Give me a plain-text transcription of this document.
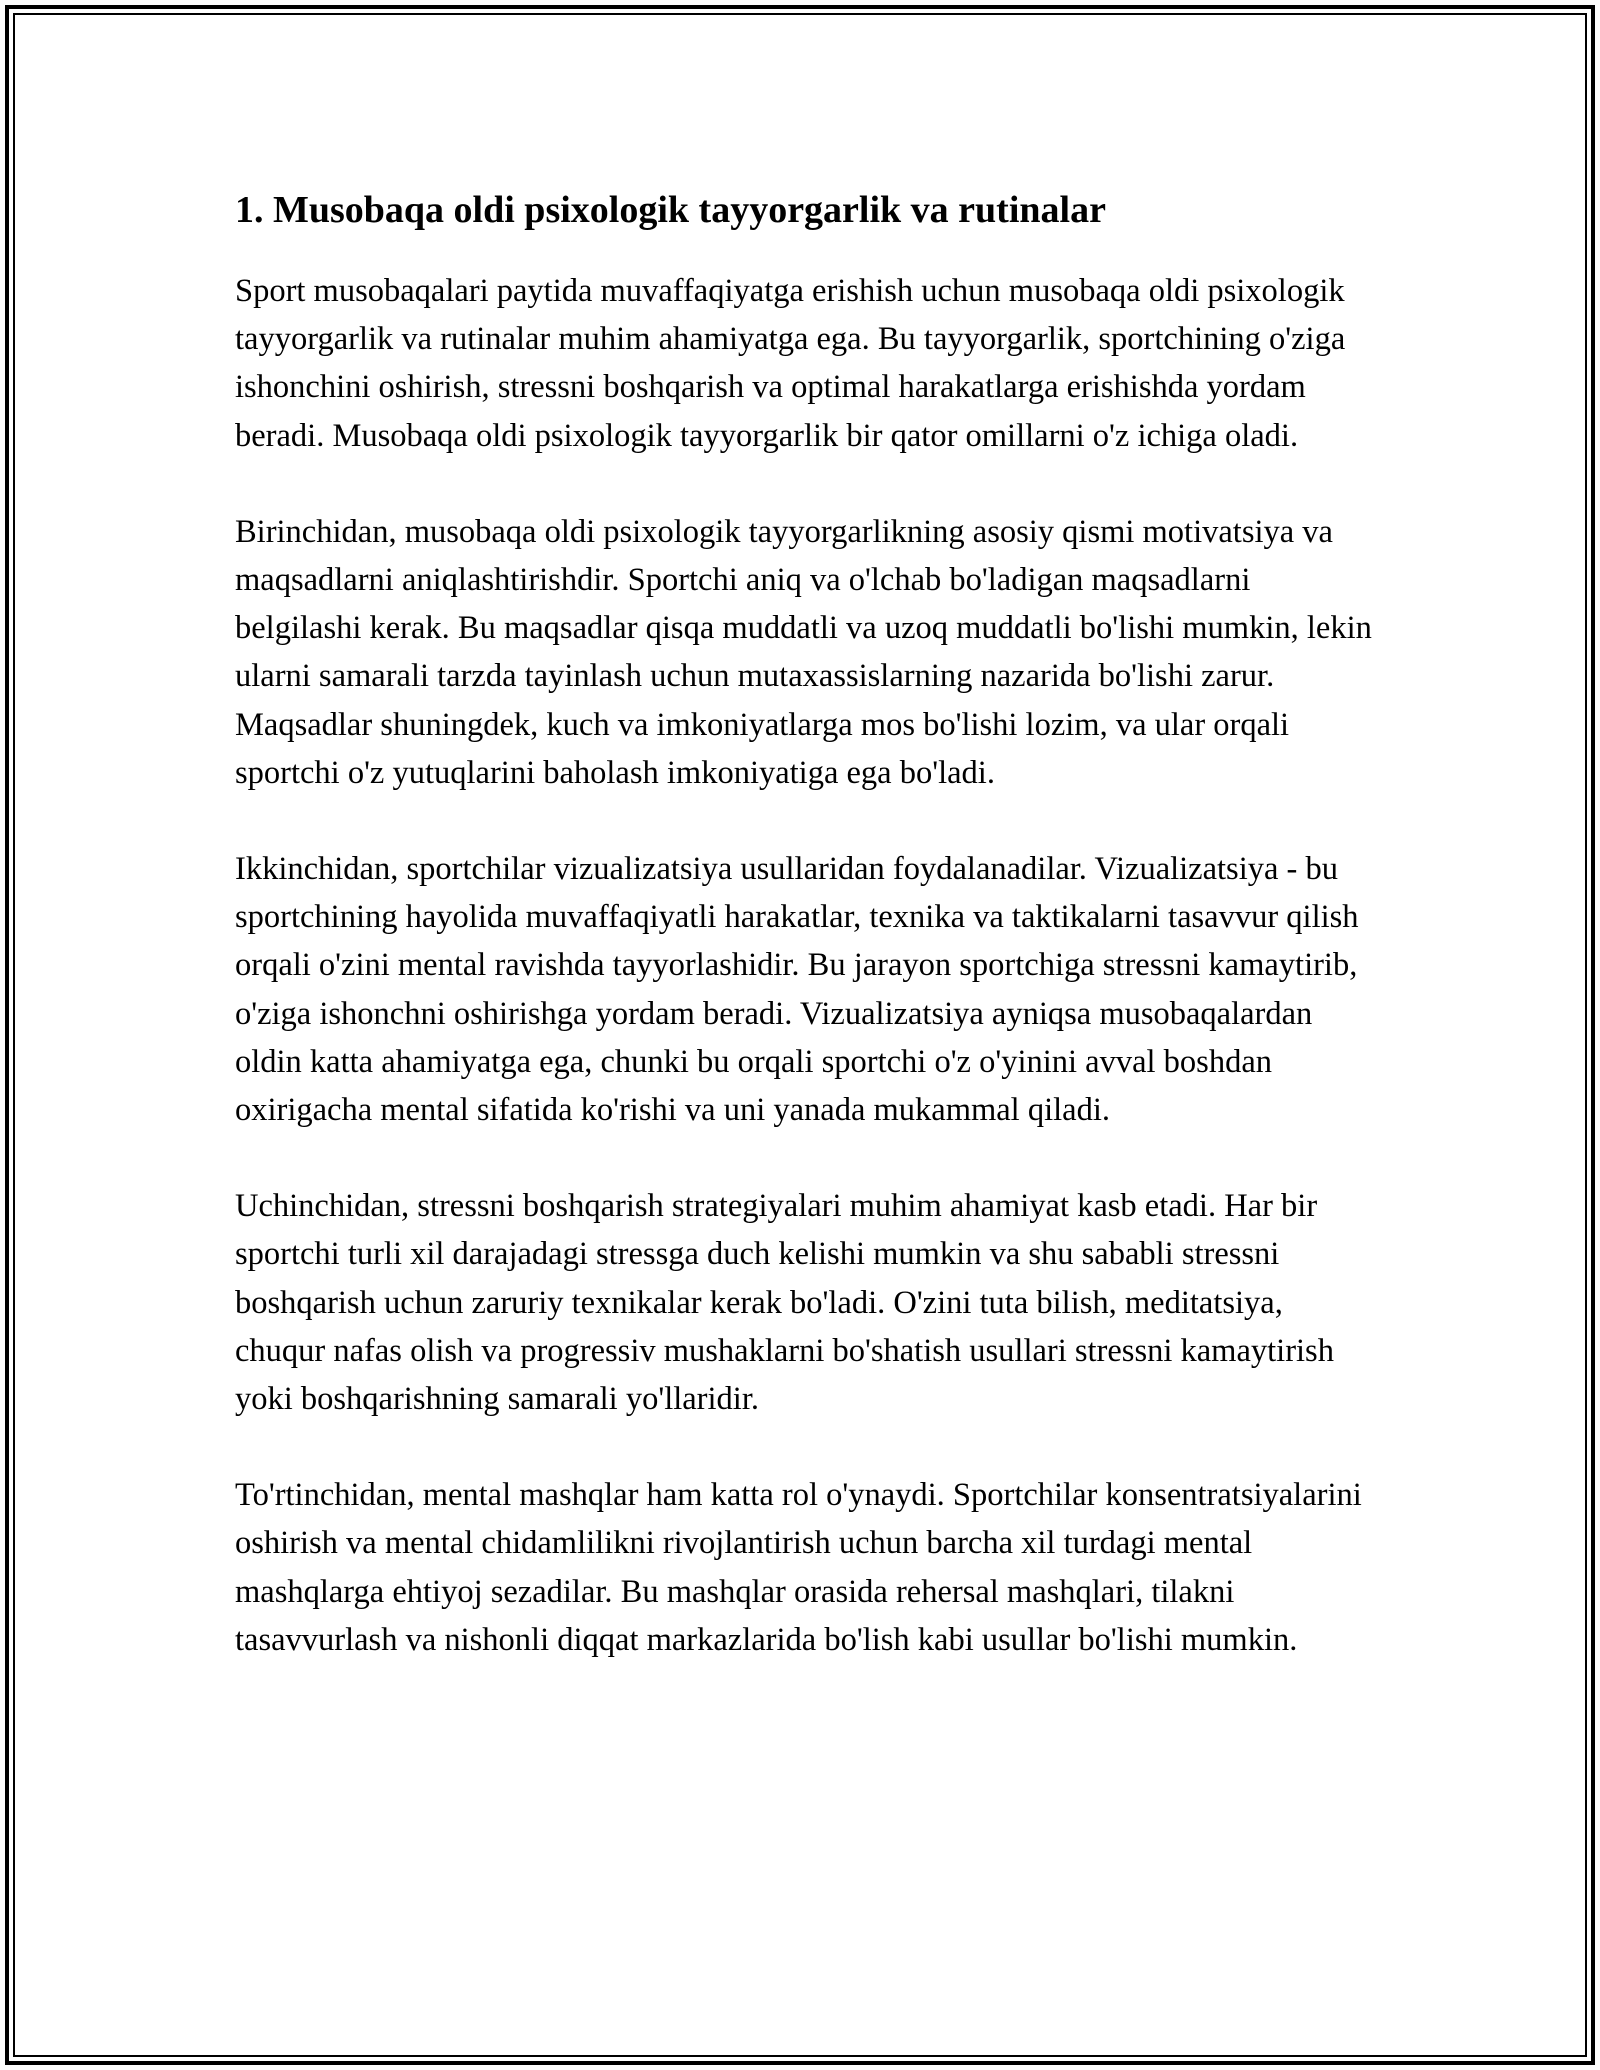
1. Musobaqa oldi psixologik tayyorgarlik va rutinalar

Sport musobaqalari paytida muvaffaqiyatga erishish uchun musobaqa oldi psixologik tayyorgarlik va rutinalar muhim ahamiyatga ega. Bu tayyorgarlik, sportchining o'ziga ishonchini oshirish, stressni boshqarish va optimal harakatlarga erishishda yordam beradi. Musobaqa oldi psixologik tayyorgarlik bir qator omillarni o'z ichiga oladi.

Birinchidan, musobaqa oldi psixologik tayyorgarlikning asosiy qismi motivatsiya va maqsadlarni aniqlashtirishdir. Sportchi aniq va o'lchab bo'ladigan maqsadlarni belgilashi kerak. Bu maqsadlar qisqa muddatli va uzoq muddatli bo'lishi mumkin, lekin ularni samarali tarzda tayinlash uchun mutaxassislarning nazarida bo'lishi zarur. Maqsadlar shuningdek, kuch va imkoniyatlarga mos bo'lishi lozim, va ular orqali sportchi o'z yutuqlarini baholash imkoniyatiga ega bo'ladi.

Ikkinchidan, sportchilar vizualizatsiya usullaridan foydalanadilar. Vizualizatsiya - bu sportchining hayolida muvaffaqiyatli harakatlar, texnika va taktikalarni tasavvur qilish orqali o'zini mental ravishda tayyorlashidir. Bu jarayon sportchiga stressni kamaytirib, o'ziga ishonchni oshirishga yordam beradi. Vizualizatsiya ayniqsa musobaqalardan oldin katta ahamiyatga ega, chunki bu orqali sportchi o'z o'yinini avval boshdan oxirigacha mental sifatida ko'rishi va uni yanada mukammal qiladi.

Uchinchidan, stressni boshqarish strategiyalari muhim ahamiyat kasb etadi. Har bir sportchi turli xil darajadagi stressga duch kelishi mumkin va shu sababli stressni boshqarish uchun zaruriy texnikalar kerak bo'ladi. O'zini tuta bilish, meditatsiya, chuqur nafas olish va progressiv mushaklarni bo'shatish usullari stressni kamaytirish yoki boshqarishning samarali yo'llaridir.

To'rtinchidan, mental mashqlar ham katta rol o'ynaydi. Sportchilar konsentratsiyalarini oshirish va mental chidamlilikni rivojlantirish uchun barcha xil turdagi mental mashqlarga ehtiyoj sezadilar. Bu mashqlar orasida rehersal mashqlari, tilakni tasavvurlash va nishonli diqqat markazlarida bo'lish kabi usullar bo'lishi mumkin.
